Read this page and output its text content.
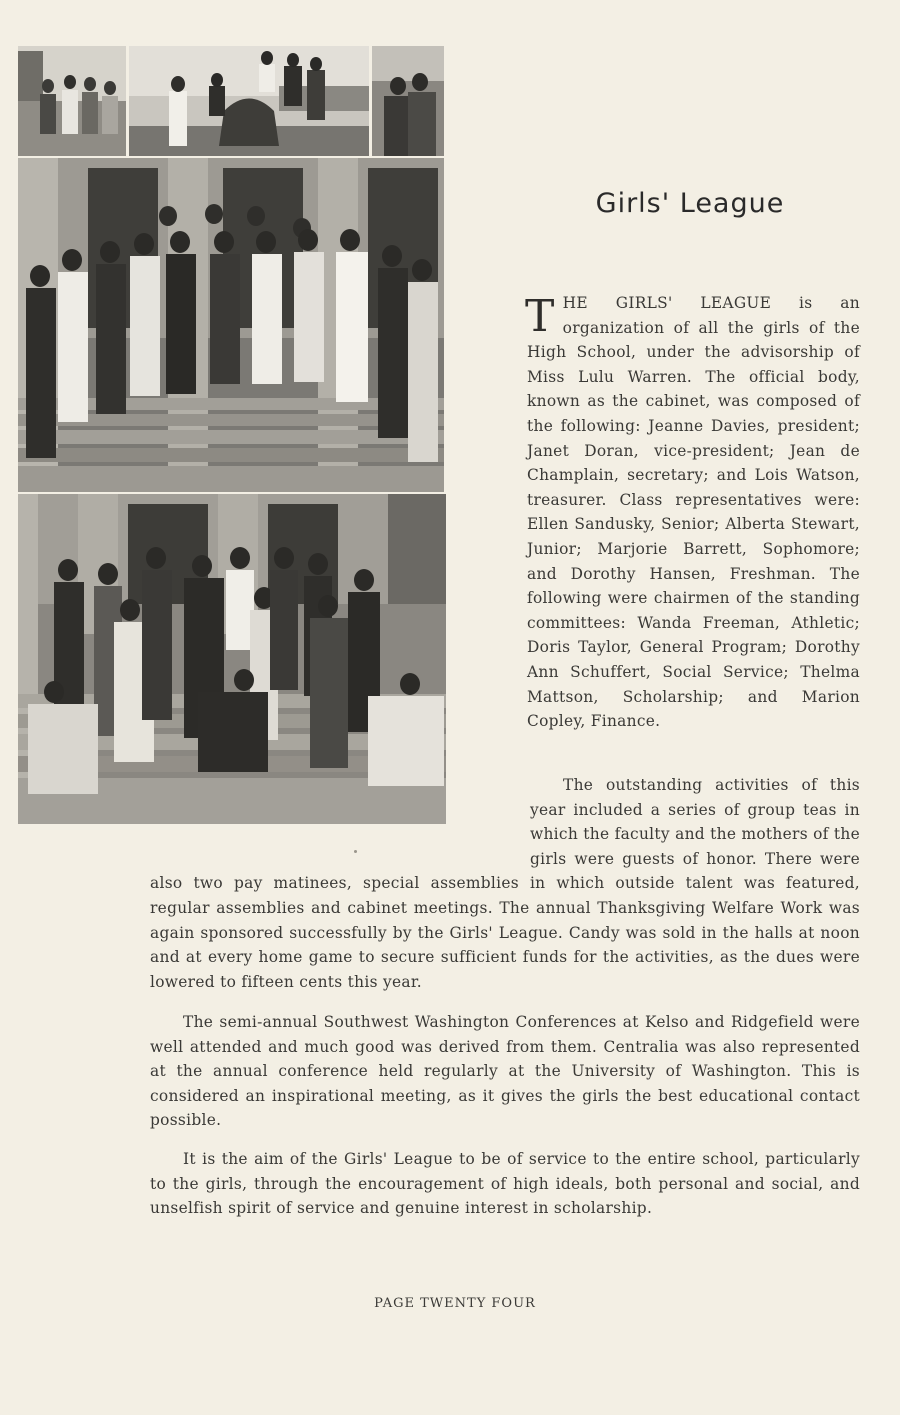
Girls' League
THE GIRLS' LEAGUE is an organization of all the girls of the High School, under the advisorship of Miss Lulu Warren. The official body, known as the cabinet, was composed of the following: Jeanne Davies, president; Janet Doran, vice-president; Jean de Champlain, secretary; and Lois Watson, treasurer. Class representatives were: Ellen Sandusky, Senior; Alberta Stewart, Junior; Marjorie Barrett, Sophomore; and Dorothy Hansen, Freshman. The following were chairmen of the standing committees: Wanda Freeman, Athletic; Doris Taylor, General Program; Dorothy Ann Schuffert, Social Service; Thelma Mattson, Scholarship; and Marion Copley, Finance.
The outstanding activities of this year included a series of group teas in which the faculty and the mothers of the girls were guests of honor. There were also two pay matinees, special assemblies in which outside talent was featured, regular assemblies and cabinet meetings. The annual Thanksgiving Welfare Work was again sponsored successfully by the Girls' League. Candy was sold in the halls at noon and at every home game to secure sufficient funds for the activities, as the dues were lowered to fifteen cents this year.
The semi-annual Southwest Washington Conferences at Kelso and Ridgefield were well attended and much good was derived from them. Centralia was also represented at the annual conference held regularly at the University of Washington. This is considered an inspirational meeting, as it gives the girls the best educational contact possible.
It is the aim of the Girls' League to be of service to the entire school, particularly to the girls, through the encouragement of high ideals, both personal and social, and unselfish spirit of service and genuine interest in scholarship.
PAGE TWENTY FOUR
